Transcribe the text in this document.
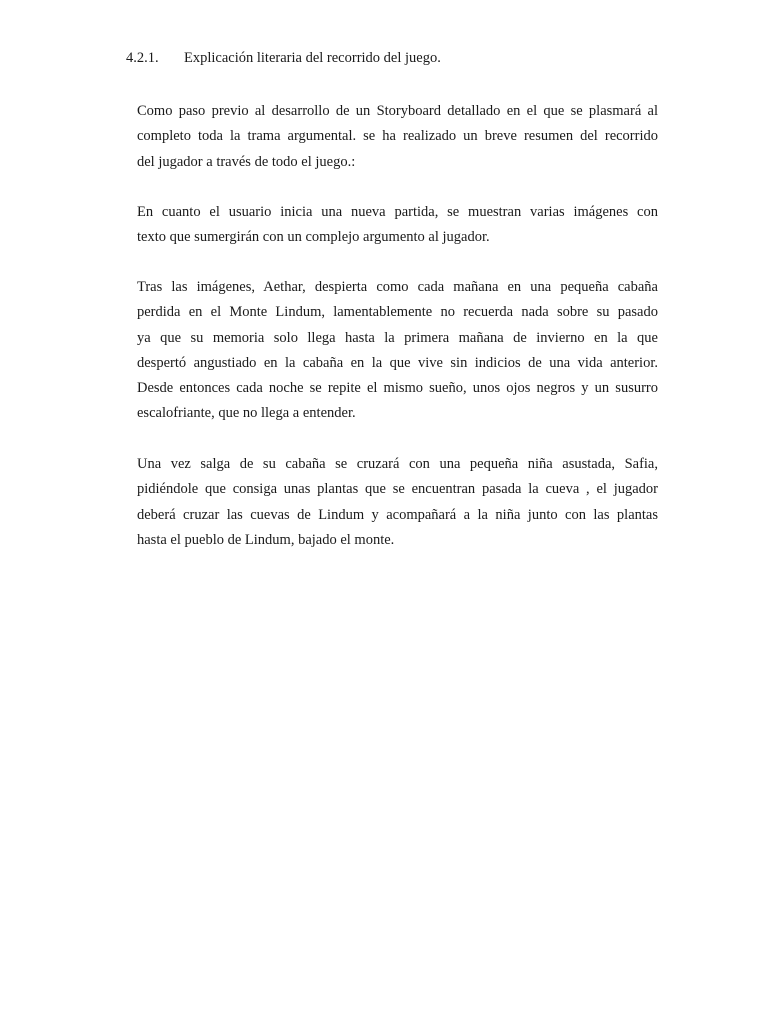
4.2.1. Explicación literaria del recorrido del juego.

Como paso previo al desarrollo de un Storyboard detallado en el que se plasmará al
completo toda la trama argumental. se ha realizado un breve resumen del recorrido
del jugador a través de todo el juego.:

En cuanto el usuario inicia una nueva partida, se muestran varias imágenes con
texto que sumergirán con un complejo argumento al jugador.

Tras las imágenes, Aethar, despierta como cada mañana en una pequeña cabaña
perdida en el Monte Lindum, lamentablemente no recuerda nada sobre su pasado
ya que su memoria solo llega hasta la primera mañana de invierno en la que
despertó angustiado en la cabaña en la que vive sin indicios de una vida anterior.
Desde entonces cada noche se repite el mismo sueño, unos ojos negros y un susurro
escalofriante, que no llega a entender.

Una vez salga de su cabaña se cruzará con una pequeña niña asustada, Safia,
pidiéndole que consiga unas plantas que se encuentran pasada la cueva , el jugador
deberá cruzar las cuevas de Lindum y acompañará a la niña junto con las plantas
hasta el pueblo de Lindum, bajado el monte.
